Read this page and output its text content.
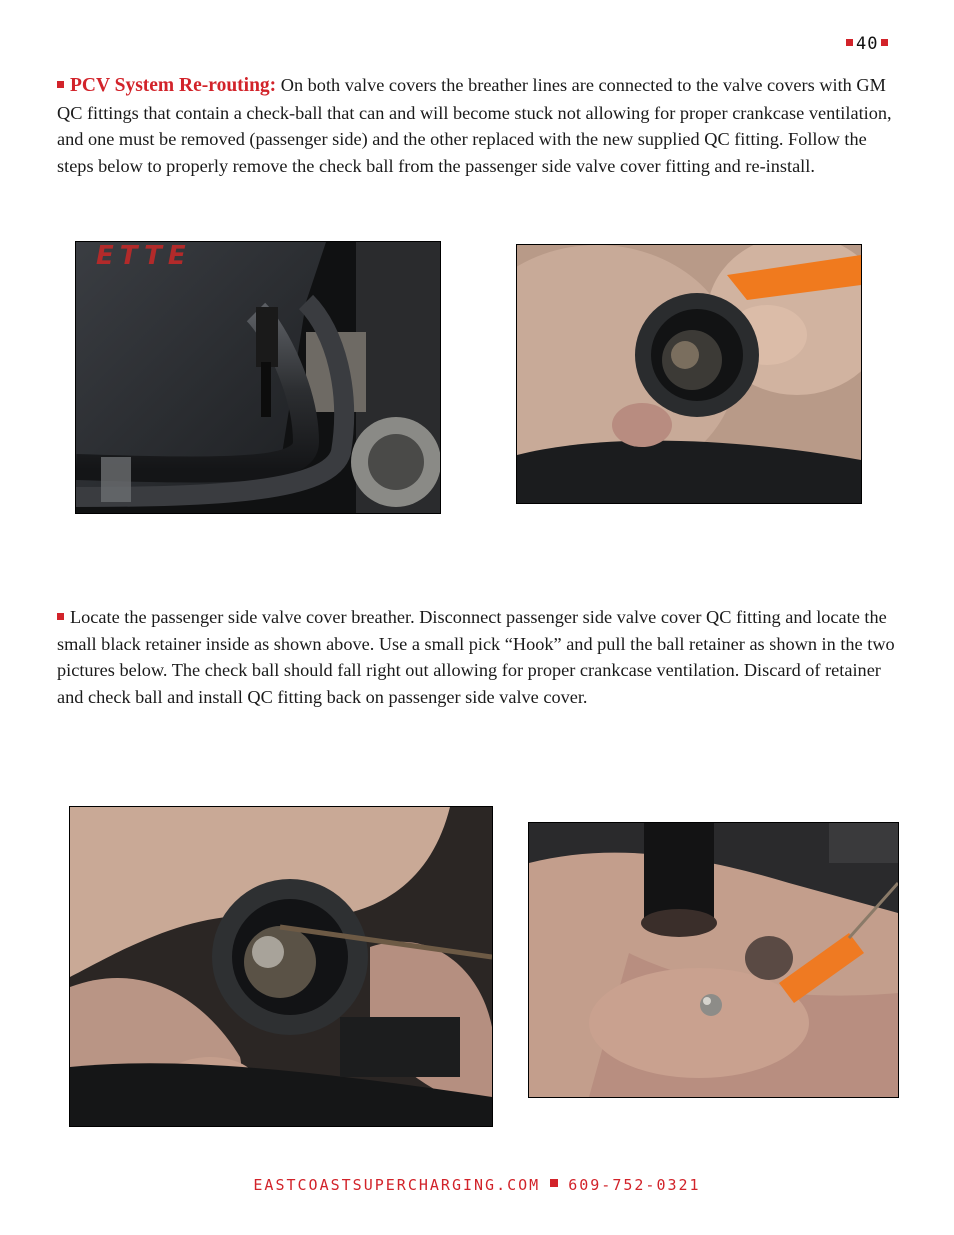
40
PCV System Re-routing: On both valve covers the breather lines are connected to the valve covers with GM QC fittings that contain a check-ball that can and will become stuck not allowing for proper crankcase ventilation, and one must be removed (passenger side) and the other replaced with the new supplied QC fitting. Follow the steps below to properly remove the check ball from the passenger side valve cover fitting and re-install.
ETTE
Locate the passenger side valve cover breather. Disconnect passenger side valve cover QC fitting and locate the small black retainer inside as shown above. Use a small pick “Hook” and pull the ball retainer as shown in the two pictures below. The check ball should fall right out allowing for proper crankcase ventilation. Discard of retainer and check ball and install QC fitting back on passenger side valve cover.
EASTCOASTSUPERCHARGING.COM 609-752-0321
